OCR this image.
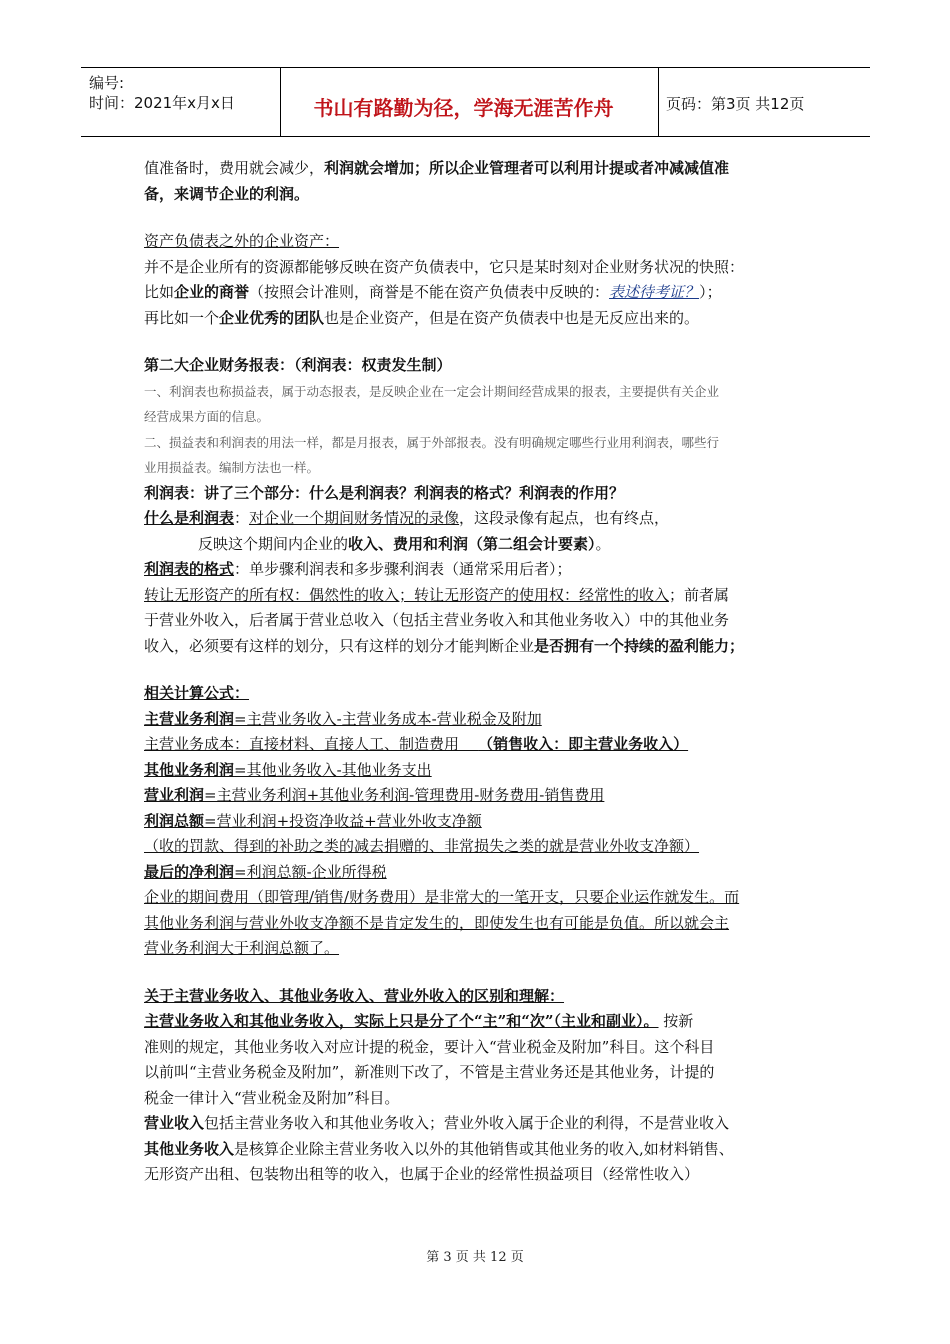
编号:
时间：2021年x月x日	书山有路勤为径，学海无涯苦作舟	页码：第3页 共12页
值准备时，费用就会减少，利润就会增加；所以企业管理者可以利用计提或者冲减减值准
备，来调节企业的利润。
资产负债表之外的企业资产：
并不是企业所有的资源都能够反映在资产负债表中，它只是某时刻对企业财务状况的快照：
比如企业的商誉（按照会计准则，商誉是不能在资产负债表中反映的：表述待考证？）；
再比如一个企业优秀的团队也是企业资产，但是在资产负债表中也是无反应出来的。
第二大企业财务报表：（利润表：权责发生制）
一、利润表也称损益表，属于动态报表，是反映企业在一定会计期间经营成果的报表，主要提供有关企业
经营成果方面的信息。
二、损益表和利润表的用法一样，都是月报表，属于外部报表。没有明确规定哪些行业用利润表，哪些行
业用损益表。编制方法也一样。
利润表：讲了三个部分：什么是利润表？利润表的格式？利润表的作用？
什么是利润表：对企业一个期间财务情况的录像，这段录像有起点，也有终点，
反映这个期间内企业的收入、费用和利润（第二组会计要素）。
利润表的格式：单步骤利润表和多步骤利润表（通常采用后者）；
转让无形资产的所有权：偶然性的收入；转让无形资产的使用权：经常性的收入；前者属
于营业外收入，后者属于营业总收入（包括主营业务收入和其他业务收入）中的其他业务
收入，必须要有这样的划分，只有这样的划分才能判断企业是否拥有一个持续的盈利能力；
相关计算公式：
主营业务利润=主营业务收入-主营业务成本-营业税金及附加
主营业务成本：直接材料、直接人工、制造费用    （销售收入：即主营业务收入）
其他业务利润=其他业务收入-其他业务支出
营业利润=主营业务利润+其他业务利润-管理费用-财务费用-销售费用
利润总额=营业利润+投资净收益+营业外收支净额
（收的罚款、得到的补助之类的减去捐赠的、非常损失之类的就是营业外收支净额）
最后的净利润=利润总额-企业所得税
企业的期间费用（即管理/销售/财务费用）是非常大的一笔开支，只要企业运作就发生。而
其他业务利润与营业外收支净额不是肯定发生的，即使发生也有可能是负值。所以就会主
营业务利润大于利润总额了。
关于主营业务收入、其他业务收入、营业外收入的区别和理解：
主营业务收入和其他业务收入，实际上只是分了个“主”和“次”（主业和副业）。 按新
准则的规定，其他业务收入对应计提的税金，要计入“营业税金及附加”科目。这个科目
以前叫“主营业务税金及附加”，新准则下改了，不管是主营业务还是其他业务，计提的
税金一律计入“营业税金及附加”科目。
营业收入包括主营业务收入和其他业务收入；营业外收入属于企业的利得，不是营业收入
其他业务收入是核算企业除主营业务收入以外的其他销售或其他业务的收入,如材料销售、
无形资产出租、包装物出租等的收入，也属于企业的经常性损益项目（经常性收入）
第 3 页 共 12 页
